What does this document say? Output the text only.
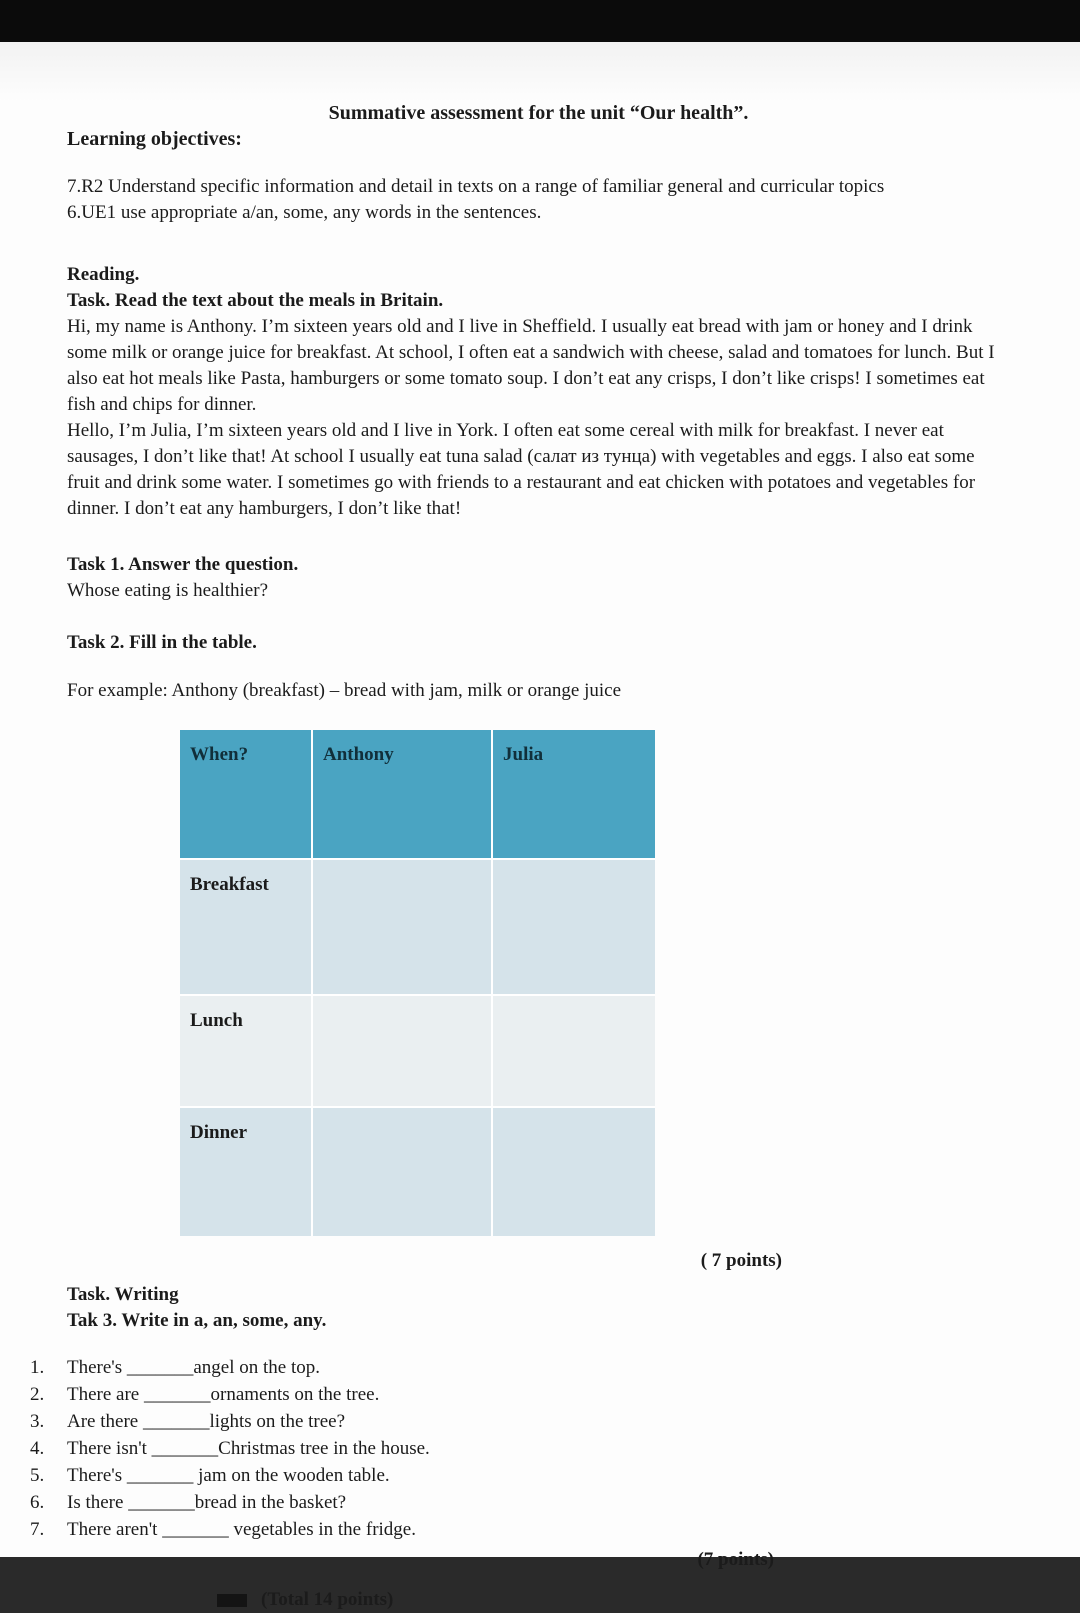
Summative assessment for the unit “Our health”.
Learning objectives:
7.R2 Understand specific information and detail in texts on a range of familiar general and curricular topics
6.UE1 use appropriate a/an, some, any words in the sentences.
Reading.
Task. Read the text about the meals in Britain.

Hi, my name is Anthony. I’m sixteen years old and I live in Sheffield. I usually eat bread with jam or honey and I drink some milk or orange juice for breakfast. At school, I often eat a sandwich with cheese, salad and tomatoes for lunch. But I also eat hot meals like Pasta, hamburgers or some tomato soup. I don’t eat any crisps, I don’t like crisps! I sometimes eat fish and chips for dinner.

Hello, I’m Julia, I’m sixteen years old and I live in York. I often eat some cereal with milk for breakfast. I never eat sausages, I don’t like that! At school I usually eat tuna salad (салат из тунца) with vegetables and eggs. I also eat some fruit and drink some water. I sometimes go with friends to a restaurant and eat chicken with potatoes and vegetables for dinner. I don’t eat any hamburgers, I don’t like that!

Task 1. Answer the question.
Whose eating is healthier?
Task 2. Fill in the table.
For example: Anthony (breakfast) – bread with jam, milk or orange juice
When?	Anthony	Julia
Breakfast		
Lunch		
Dinner		
( 7 points)
Task. Writing
Tak 3. Write in a, an, some, any.
1.	There's _______angel on the top.
2.	There are _______ornaments on the tree.
3.	Are there _______lights on the tree?
4.	There isn't _______Christmas tree in the house.
5.	There's _______ jam on the wooden table.
6.	Is there _______bread in the basket?
7.	There aren't _______ vegetables in the fridge.
(7 points)
(Total 14 points)
